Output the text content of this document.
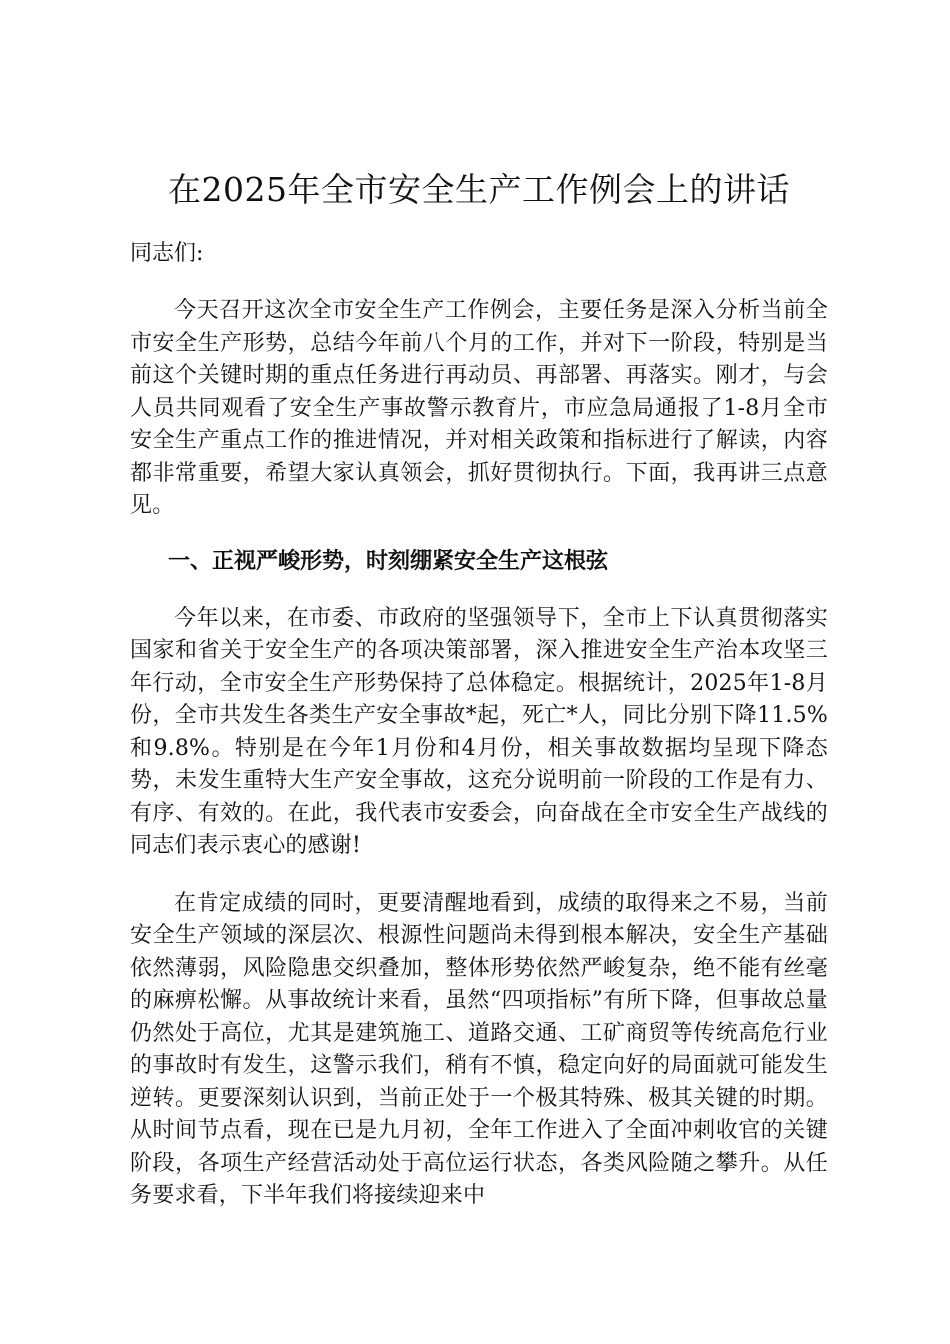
在2025年全市安全生产工作例会上的讲话

同志们:

今天召开这次全市安全生产工作例会，主要任务是深入分析当前全市安全生产形势，总结今年前八个月的工作，并对下一阶段，特别是当前这个关键时期的重点任务进行再动员、再部署、再落实。刚才，与会人员共同观看了安全生产事故警示教育片，市应急局通报了1-8月全市安全生产重点工作的推进情况，并对相关政策和指标进行了解读，内容都非常重要，希望大家认真领会，抓好贯彻执行。下面，我再讲三点意见。

一、正视严峻形势，时刻绷紧安全生产这根弦

今年以来，在市委、市政府的坚强领导下，全市上下认真贯彻落实国家和省关于安全生产的各项决策部署，深入推进安全生产治本攻坚三年行动，全市安全生产形势保持了总体稳定。根据统计，2025年1-8月份，全市共发生各类生产安全事故*起，死亡*人，同比分别下降11.5%和9.8%。特别是在今年1月份和4月份，相关事故数据均呈现下降态势，未发生重特大生产安全事故，这充分说明前一阶段的工作是有力、有序、有效的。在此，我代表市安委会，向奋战在全市安全生产战线的同志们表示衷心的感谢!

在肯定成绩的同时，更要清醒地看到，成绩的取得来之不易，当前安全生产领域的深层次、根源性问题尚未得到根本解决，安全生产基础依然薄弱，风险隐患交织叠加，整体形势依然严峻复杂，绝不能有丝毫的麻痹松懈。从事故统计来看，虽然“四项指标”有所下降，但事故总量仍然处于高位，尤其是建筑施工、道路交通、工矿商贸等传统高危行业的事故时有发生，这警示我们，稍有不慎，稳定向好的局面就可能发生逆转。更要深刻认识到，当前正处于一个极其特殊、极其关键的时期。从时间节点看，现在已是九月初，全年工作进入了全面冲刺收官的关键阶段，各项生产经营活动处于高位运行状态，各类风险随之攀升。从任务要求看，下半年我们将接续迎来中
